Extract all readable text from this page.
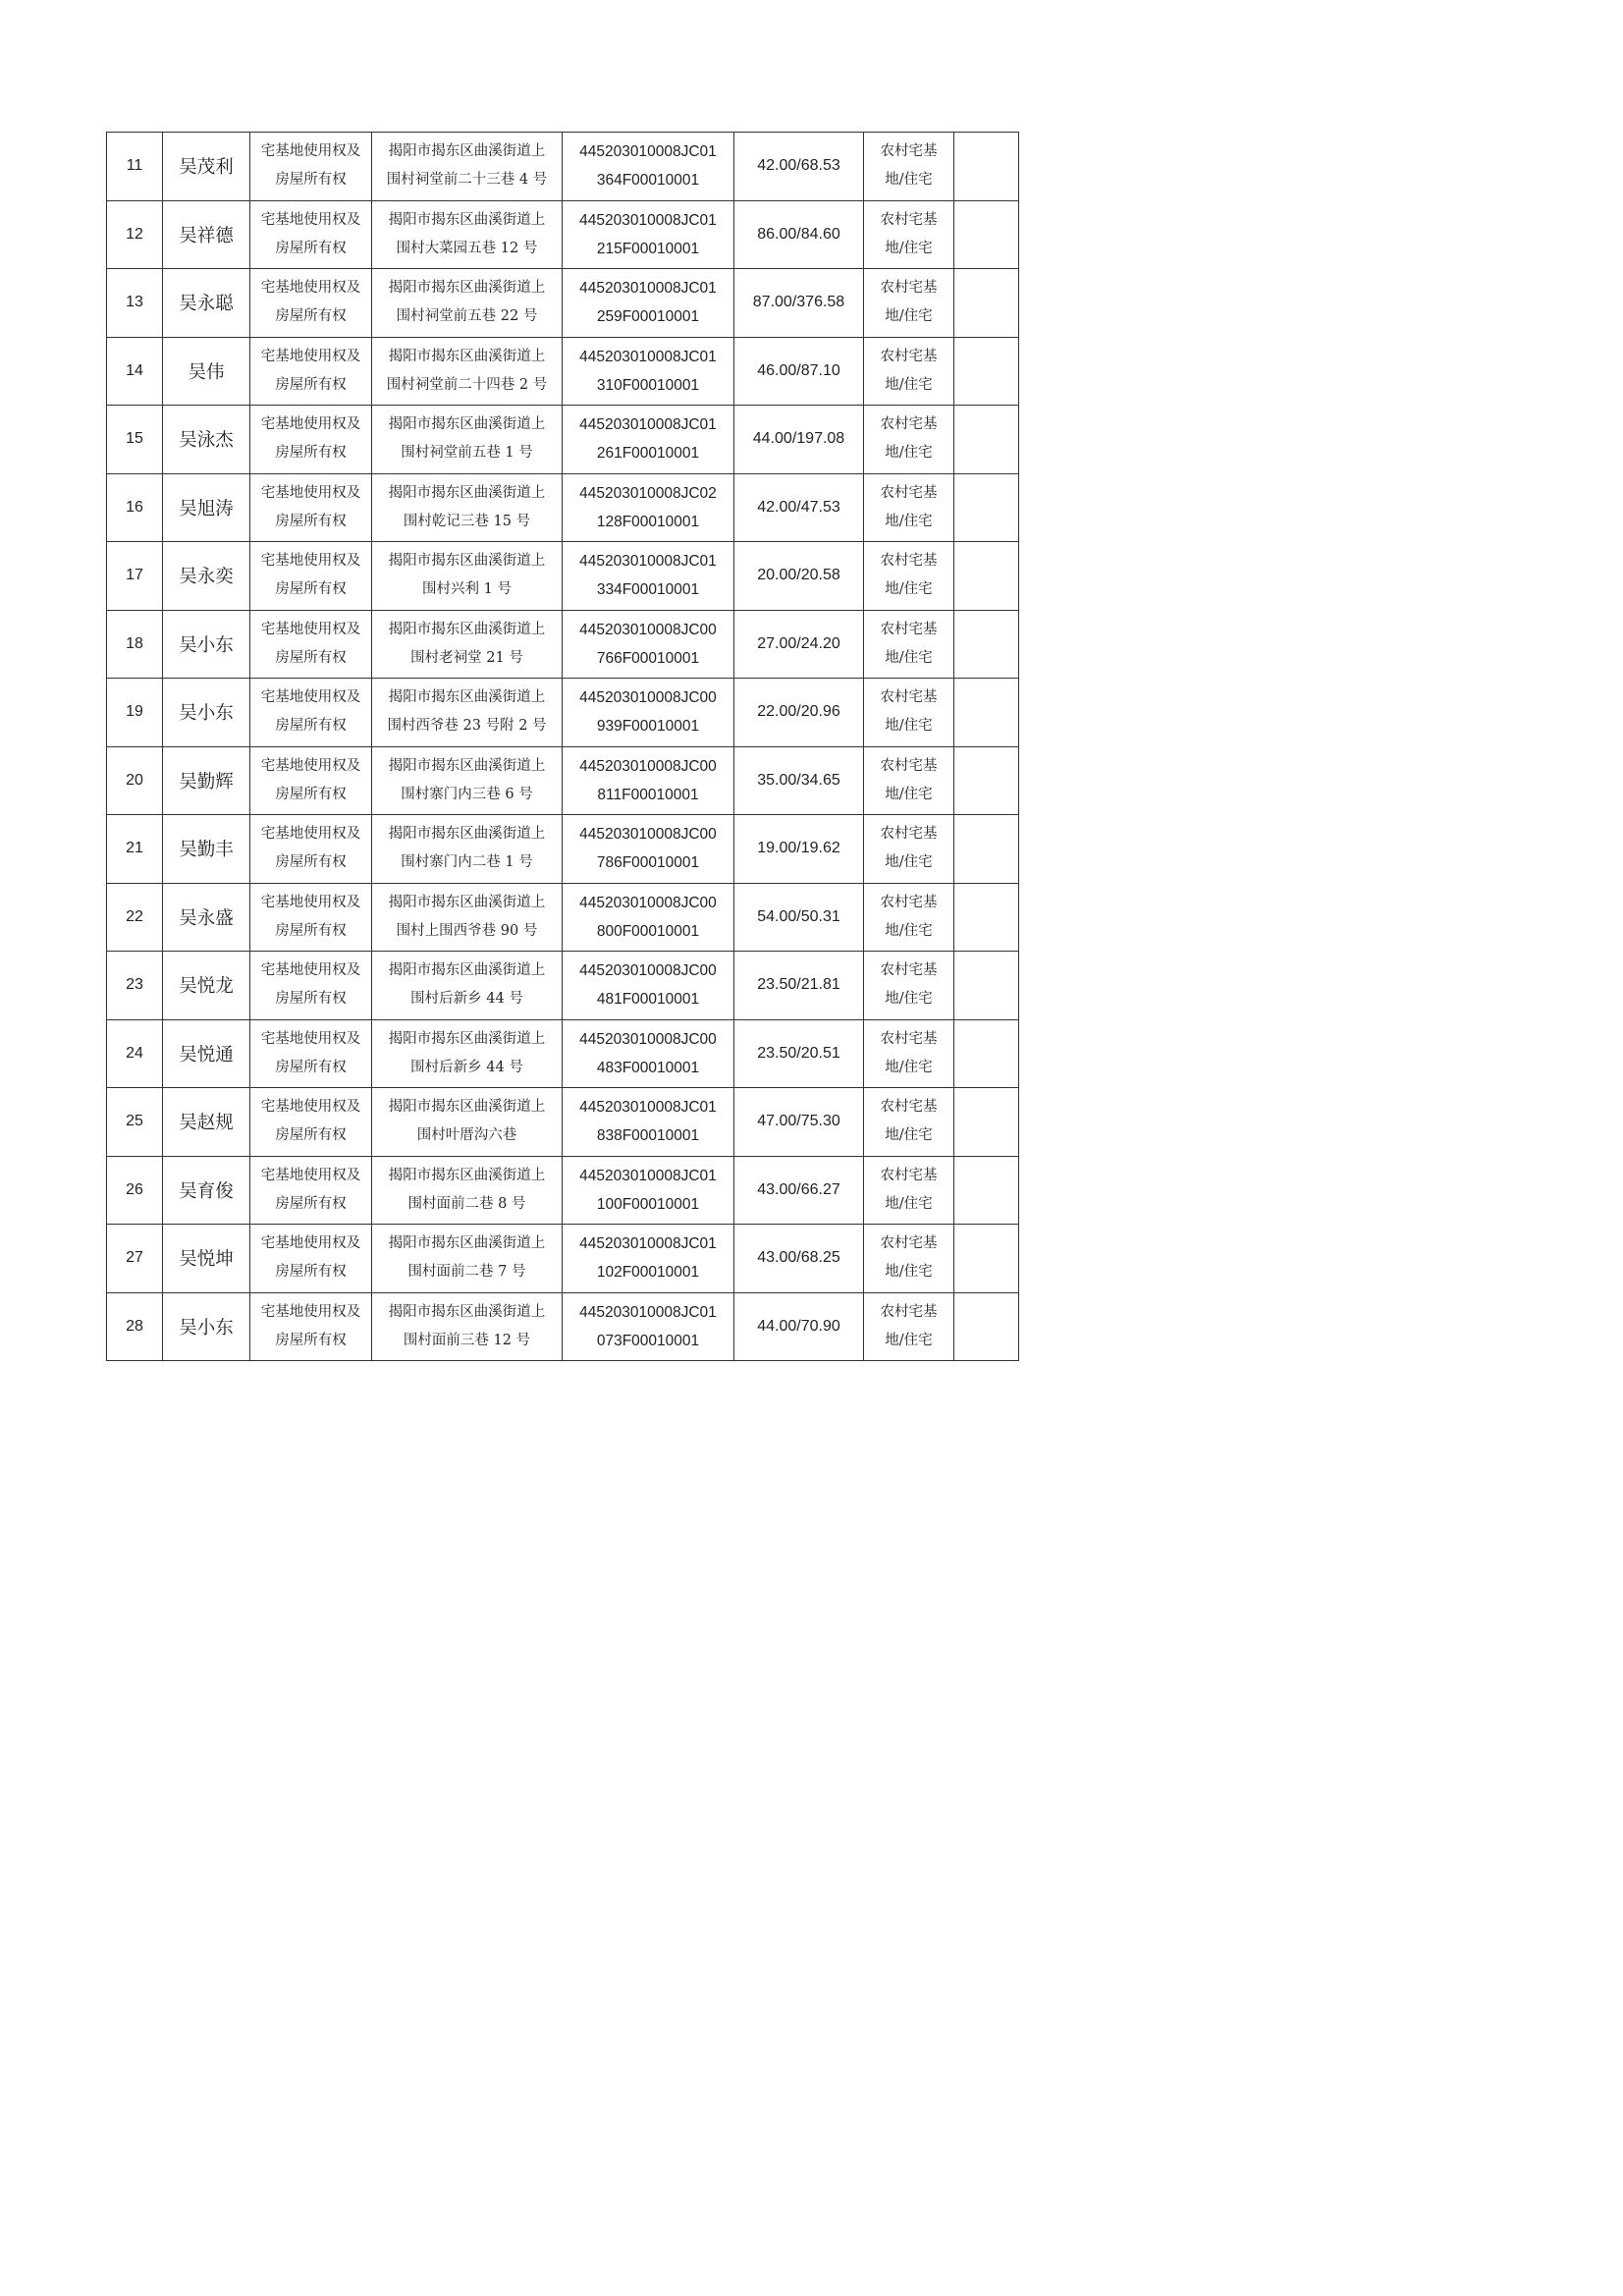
11	吴茂利	宅基地使用权及
房屋所有权	揭阳市揭东区曲溪街道上
围村祠堂前二十三巷 4 号	445203010008JC01
364F00010001	42.00/68.53	农村宅基
地/住宅	

12	吴祥德	宅基地使用权及
房屋所有权	揭阳市揭东区曲溪街道上
围村大菜园五巷 12 号	445203010008JC01
215F00010001	86.00/84.60	农村宅基
地/住宅	

13	吴永聪	宅基地使用权及
房屋所有权	揭阳市揭东区曲溪街道上
围村祠堂前五巷 22 号	445203010008JC01
259F00010001	87.00/376.58	农村宅基
地/住宅	

14	吴伟	宅基地使用权及
房屋所有权	揭阳市揭东区曲溪街道上
围村祠堂前二十四巷 2 号	445203010008JC01
310F00010001	46.00/87.10	农村宅基
地/住宅	

15	吴泳杰	宅基地使用权及
房屋所有权	揭阳市揭东区曲溪街道上
围村祠堂前五巷 1 号	445203010008JC01
261F00010001	44.00/197.08	农村宅基
地/住宅	

16	吴旭涛	宅基地使用权及
房屋所有权	揭阳市揭东区曲溪街道上
围村乾记三巷 15 号	445203010008JC02
128F00010001	42.00/47.53	农村宅基
地/住宅	

17	吴永奕	宅基地使用权及
房屋所有权	揭阳市揭东区曲溪街道上
围村兴利 1 号	445203010008JC01
334F00010001	20.00/20.58	农村宅基
地/住宅	

18	吴小东	宅基地使用权及
房屋所有权	揭阳市揭东区曲溪街道上
围村老祠堂 21 号	445203010008JC00
766F00010001	27.00/24.20	农村宅基
地/住宅	

19	吴小东	宅基地使用权及
房屋所有权	揭阳市揭东区曲溪街道上
围村西爷巷 23 号附 2 号	445203010008JC00
939F00010001	22.00/20.96	农村宅基
地/住宅	

20	吴勤辉	宅基地使用权及
房屋所有权	揭阳市揭东区曲溪街道上
围村寨门内三巷 6 号	445203010008JC00
811F00010001	35.00/34.65	农村宅基
地/住宅	

21	吴勤丰	宅基地使用权及
房屋所有权	揭阳市揭东区曲溪街道上
围村寨门内二巷 1 号	445203010008JC00
786F00010001	19.00/19.62	农村宅基
地/住宅	

22	吴永盛	宅基地使用权及
房屋所有权	揭阳市揭东区曲溪街道上
围村上围西爷巷 90 号	445203010008JC00
800F00010001	54.00/50.31	农村宅基
地/住宅	

23	吴悦龙	宅基地使用权及
房屋所有权	揭阳市揭东区曲溪街道上
围村后新乡 44 号	445203010008JC00
481F00010001	23.50/21.81	农村宅基
地/住宅	

24	吴悦通	宅基地使用权及
房屋所有权	揭阳市揭东区曲溪街道上
围村后新乡 44 号	445203010008JC00
483F00010001	23.50/20.51	农村宅基
地/住宅	

25	吴赵规	宅基地使用权及
房屋所有权	揭阳市揭东区曲溪街道上
围村叶厝沟六巷	445203010008JC01
838F00010001	47.00/75.30	农村宅基
地/住宅	

26	吴育俊	宅基地使用权及
房屋所有权	揭阳市揭东区曲溪街道上
围村面前二巷 8 号	445203010008JC01
100F00010001	43.00/66.27	农村宅基
地/住宅	

27	吴悦坤	宅基地使用权及
房屋所有权	揭阳市揭东区曲溪街道上
围村面前二巷 7 号	445203010008JC01
102F00010001	43.00/68.25	农村宅基
地/住宅	

28	吴小东	宅基地使用权及
房屋所有权	揭阳市揭东区曲溪街道上
围村面前三巷 12 号	445203010008JC01
073F00010001	44.00/70.90	农村宅基
地/住宅	
